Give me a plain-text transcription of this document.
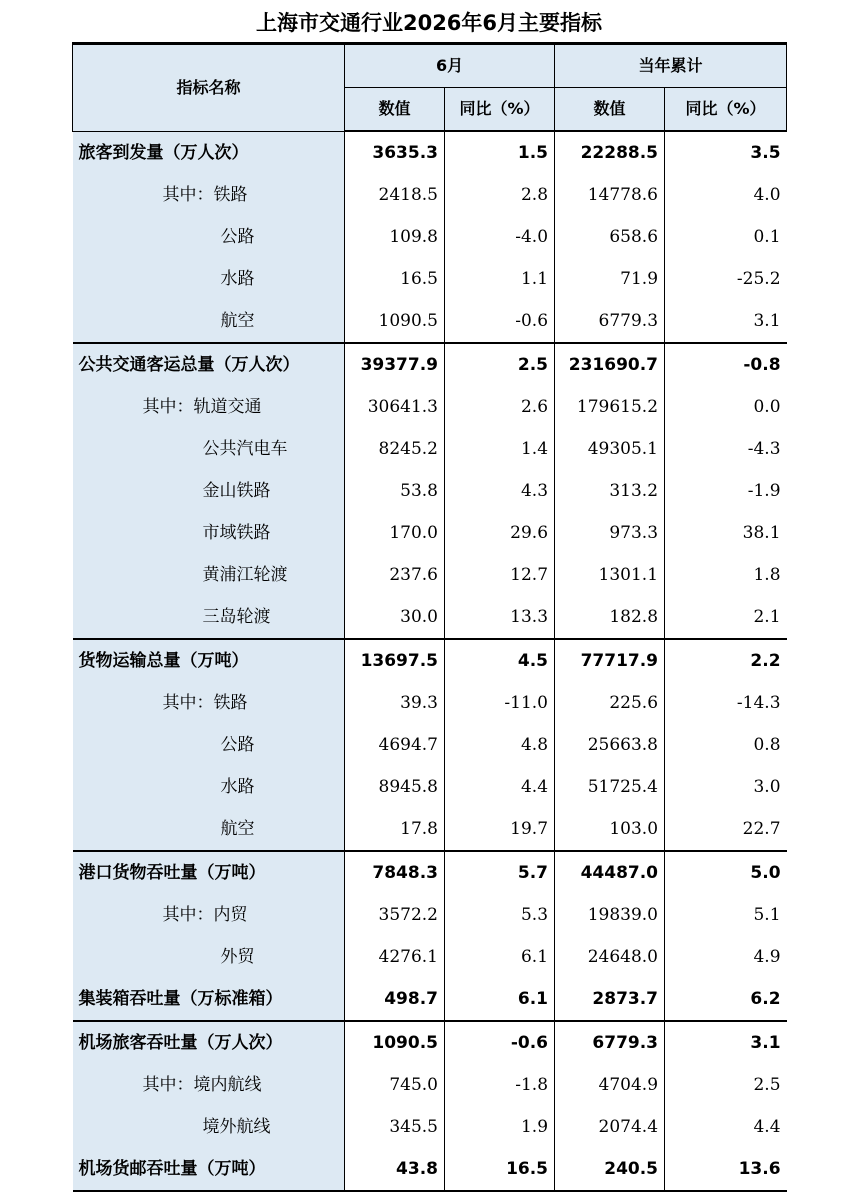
上海市交通行业2026年6月主要指标
指标名称	6月		当年累计	
	数值	同比（%）	数值	同比（%）
旅客到发量（万人次）	3635.3	1.5	22288.5	3.5
其中：铁路	2418.5	2.8	14778.6	4.0
公路	109.8	-4.0	658.6	0.1
水路	16.5	1.1	71.9	-25.2
航空	1090.5	-0.6	6779.3	3.1
公共交通客运总量（万人次）	39377.9	2.5	231690.7	-0.8
其中：轨道交通	30641.3	2.6	179615.2	0.0
公共汽电车	8245.2	1.4	49305.1	-4.3
金山铁路	53.8	4.3	313.2	-1.9
市域铁路	170.0	29.6	973.3	38.1
黄浦江轮渡	237.6	12.7	1301.1	1.8
三岛轮渡	30.0	13.3	182.8	2.1
货物运输总量（万吨）	13697.5	4.5	77717.9	2.2
其中：铁路	39.3	-11.0	225.6	-14.3
公路	4694.7	4.8	25663.8	0.8
水路	8945.8	4.4	51725.4	3.0
航空	17.8	19.7	103.0	22.7
港口货物吞吐量（万吨）	7848.3	5.7	44487.0	5.0
其中：内贸	3572.2	5.3	19839.0	5.1
外贸	4276.1	6.1	24648.0	4.9
集装箱吞吐量（万标准箱）	498.7	6.1	2873.7	6.2
机场旅客吞吐量（万人次）	1090.5	-0.6	6779.3	3.1
其中：境内航线	745.0	-1.8	4704.9	2.5
境外航线	345.5	1.9	2074.4	4.4
机场货邮吞吐量（万吨）	43.8	16.5	240.5	13.6
